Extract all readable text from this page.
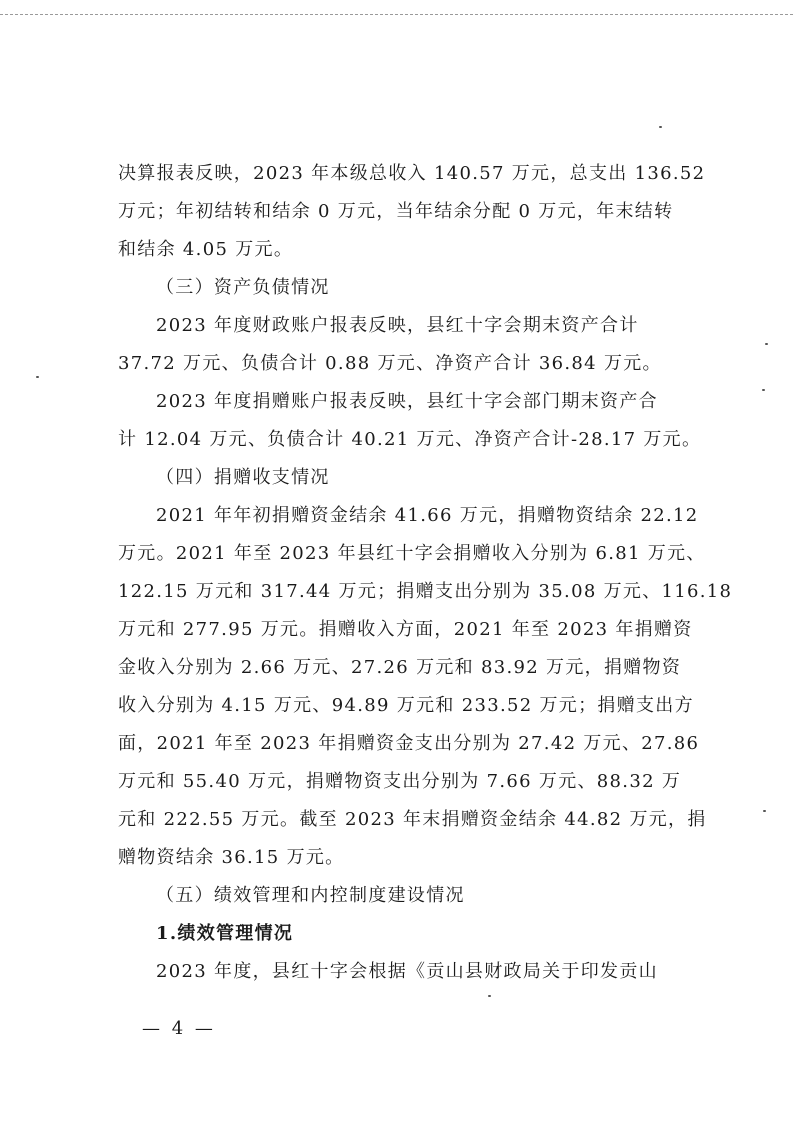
决算报表反映，2023 年本级总收入 140.57 万元，总支出 136.52
万元；年初结转和结余 0 万元，当年结余分配 0 万元，年末结转
和结余 4.05 万元。
（三）资产负债情况
2023 年度财政账户报表反映，县红十字会期末资产合计
37.72 万元、负债合计 0.88 万元、净资产合计 36.84 万元。
2023 年度捐赠账户报表反映，县红十字会部门期末资产合
计 12.04 万元、负债合计 40.21 万元、净资产合计-28.17 万元。
（四）捐赠收支情况
2021 年年初捐赠资金结余 41.66 万元，捐赠物资结余 22.12
万元。2021 年至 2023 年县红十字会捐赠收入分别为 6.81 万元、
122.15 万元和 317.44 万元；捐赠支出分别为 35.08 万元、116.18
万元和 277.95 万元。捐赠收入方面，2021 年至 2023 年捐赠资
金收入分别为 2.66 万元、27.26 万元和 83.92 万元，捐赠物资
收入分别为 4.15 万元、94.89 万元和 233.52 万元；捐赠支出方
面，2021 年至 2023 年捐赠资金支出分别为 27.42 万元、27.86
万元和 55.40 万元，捐赠物资支出分别为 7.66 万元、88.32 万
元和 222.55 万元。截至 2023 年末捐赠资金结余 44.82 万元，捐
赠物资结余 36.15 万元。
（五）绩效管理和内控制度建设情况
1.绩效管理情况
2023 年度，县红十字会根据《贡山县财政局关于印发贡山
— 4 —
